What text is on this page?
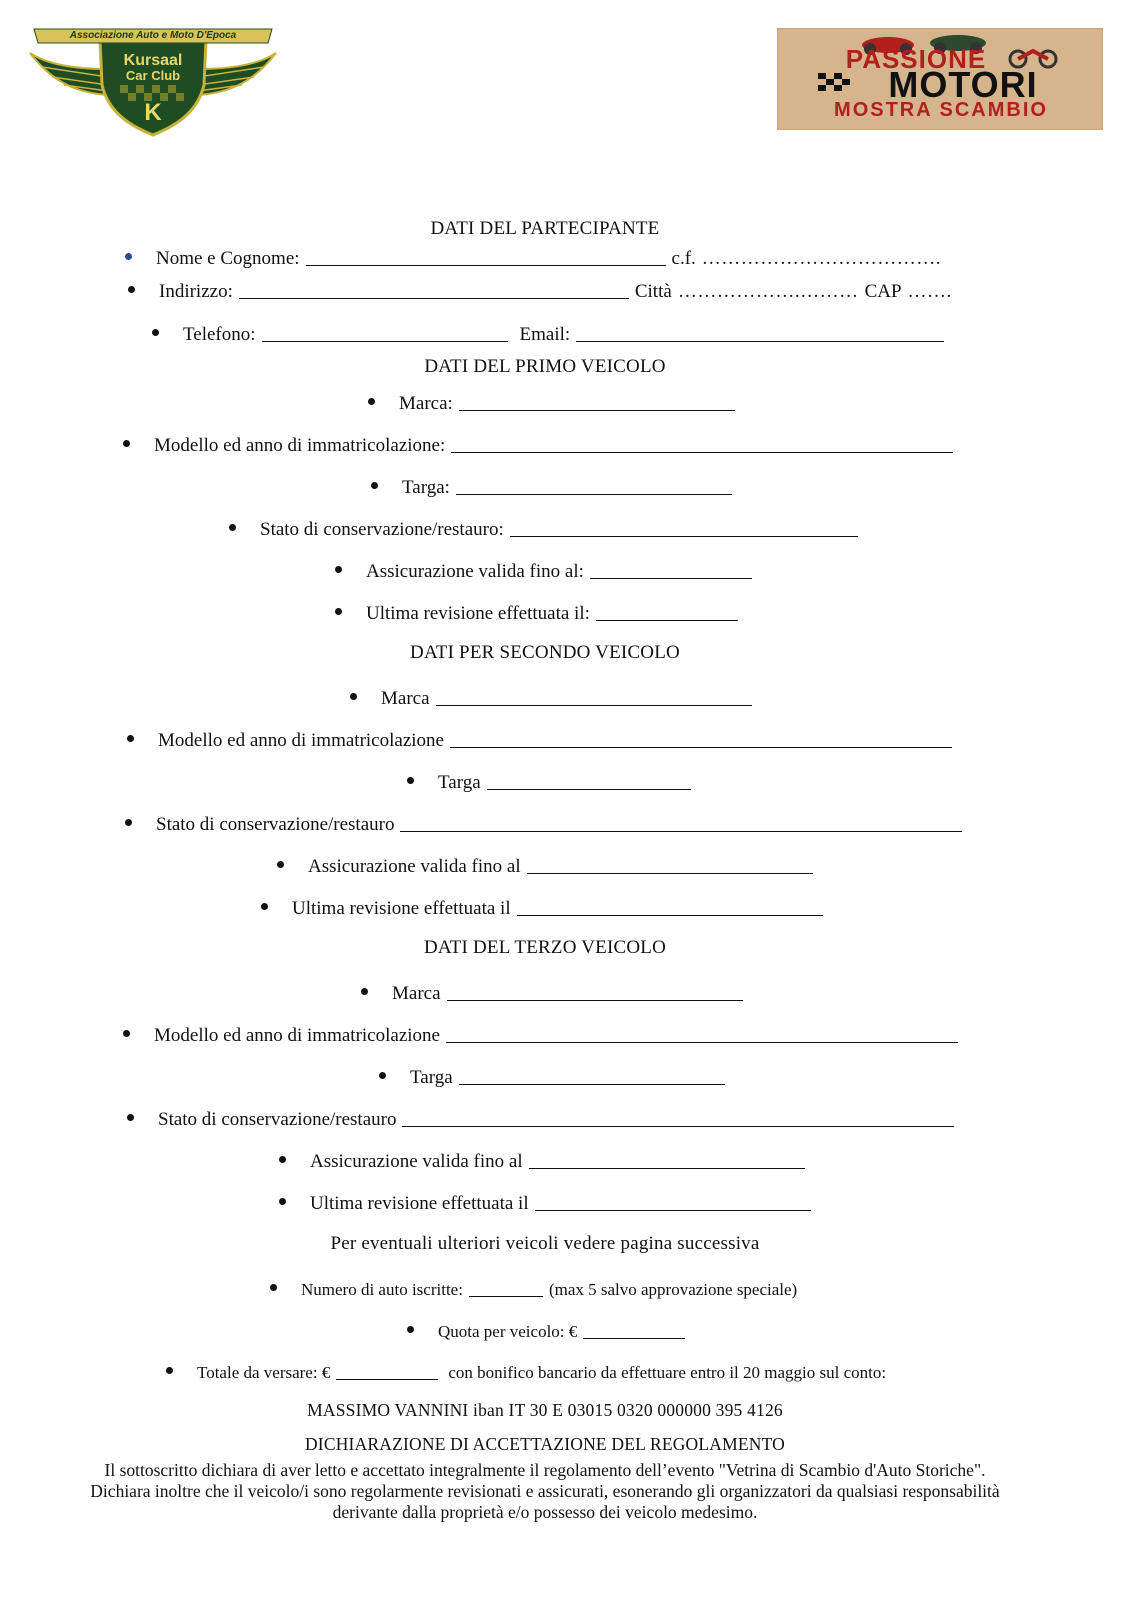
Associazione Auto e Moto D'Epoca
Kursaal
Car Club
K
PASSIONE
MOTORI
MOSTRA SCAMBIO
DATI DEL PARTECIPANTE
Nome e Cognome:	c.f. ……………………………….
Indirizzo:	Città ……………….……… CAP …….
Telefono:	Email:
DATI DEL PRIMO VEICOLO
Marca:
Modello ed anno di immatricolazione:
Targa:
Stato di conservazione/restauro:
Assicurazione valida fino al:
Ultima revisione effettuata il:
DATI PER SECONDO VEICOLO
Marca
Modello ed anno di immatricolazione
Targa
Stato di conservazione/restauro
Assicurazione valida fino al
Ultima revisione effettuata il
DATI DEL TERZO VEICOLO
Marca
Modello ed anno di immatricolazione
Targa
Stato di conservazione/restauro
Assicurazione valida fino al
Ultima revisione effettuata il
Per eventuali ulteriori veicoli vedere pagina successiva
Numero di auto iscritte:	(max 5 salvo approvazione speciale)
Quota per veicolo: €
Totale da versare: €	con bonifico bancario da effettuare entro il 20 maggio sul conto:
MASSIMO VANNINI iban IT 30 E 03015 0320 000000 395 4126
DICHIARAZIONE DI ACCETTAZIONE DEL REGOLAMENTO
Il sottoscritto dichiara di aver letto e accettato integralmente il regolamento dell’evento "Vetrina di Scambio d'Auto Storiche". Dichiara inoltre che il veicolo/i sono regolarmente revisionati e assicurati, esonerando gli organizzatori da qualsiasi responsabilità derivante dalla proprietà e/o possesso dei veicolo medesimo.
